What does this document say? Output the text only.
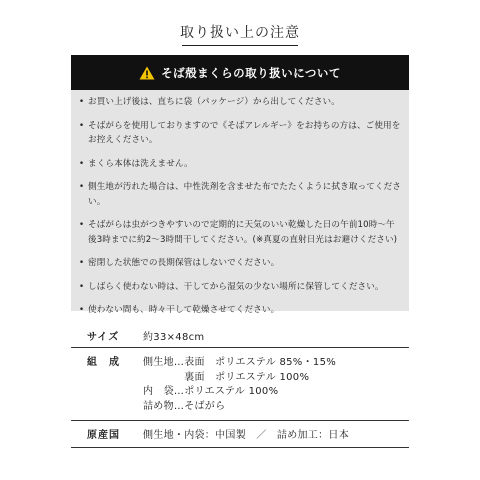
取り扱い上の注意
そば殻まくらの取り扱いについて
• お買い上げ後は、直ちに袋（パッケージ）から出してください。
• そばがらを使用しておりますので《そばアレルギー》をお持ちの方は、ご使用をお控えください。
• まくら本体は洗えません。
• 側生地が汚れた場合は、中性洗剤を含ませた布でたたくように拭き取ってください。
• そばがらは虫がつきやすいので定期的に天気のいい乾燥した日の午前10時〜午後3時までに約2〜3時間干してください。(※真夏の直射日光はお避けください)
• 密閉した状態での長期保管はしないでください。
• しばらく使わない時は、干してから湿気の少ない場所に保管してください。
• 使わない間も、時々干して乾燥させてください。
サイズ	約33×48cm
組　成	側生地…表面　ポリエステル 85%・15%
　　　　裏面　ポリエステル 100%
内　袋…ポリエステル 100%
詰め物…そばがら
原産国	側生地・内袋：中国製　／　詰め加工：日本
